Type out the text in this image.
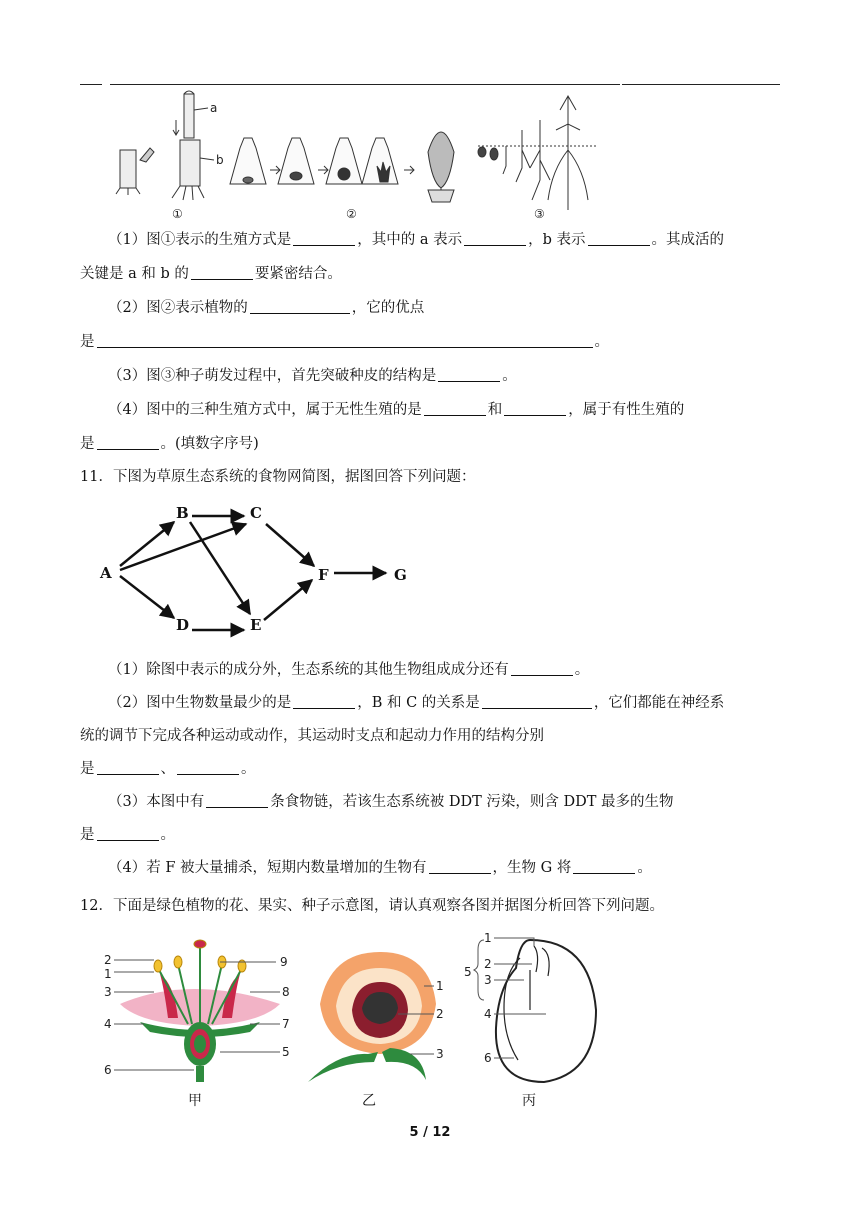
a
b
①	②	③
（1）图①表示的生殖方式是	，其中的 a 表示	，b 表示	。其成活的
关键是 a 和 b 的	要紧密结合。
（2）图②表示植物的	，它的优点
是	。
（3）图③种子萌发过程中，首先突破种皮的结构是	。
（4）图中的三种生殖方式中，属于无性生殖的是	和	，属于有性生殖的
是	。(填数字序号)
11．下图为草原生态系统的食物网简图，据图回答下列问题：
A
B	C
D	E
F	G
（1）除图中表示的成分外，生态系统的其他生物组成成分还有	。
（2）图中生物数量最少的是	，B 和 C 的关系是	，它们都能在神经系
统的调节下完成各种运动或动作，其运动时支点和起动力作用的结构分别
是	、	。
（3）本图中有	条食物链，若该生态系统被 DDT 污染，则含 DDT 最多的生物
是	。
（4）若 F 被大量捕杀，短期内数量增加的生物有	，生物 G 将	。
12．下面是绿色植物的花、果实、种子示意图，请认真观察各图并据图分析回答下列问题。
2
1
3
4
6
9
8
7
5
1
2
3
1
2
3
5
4
6
甲	乙	丙
5 / 12
